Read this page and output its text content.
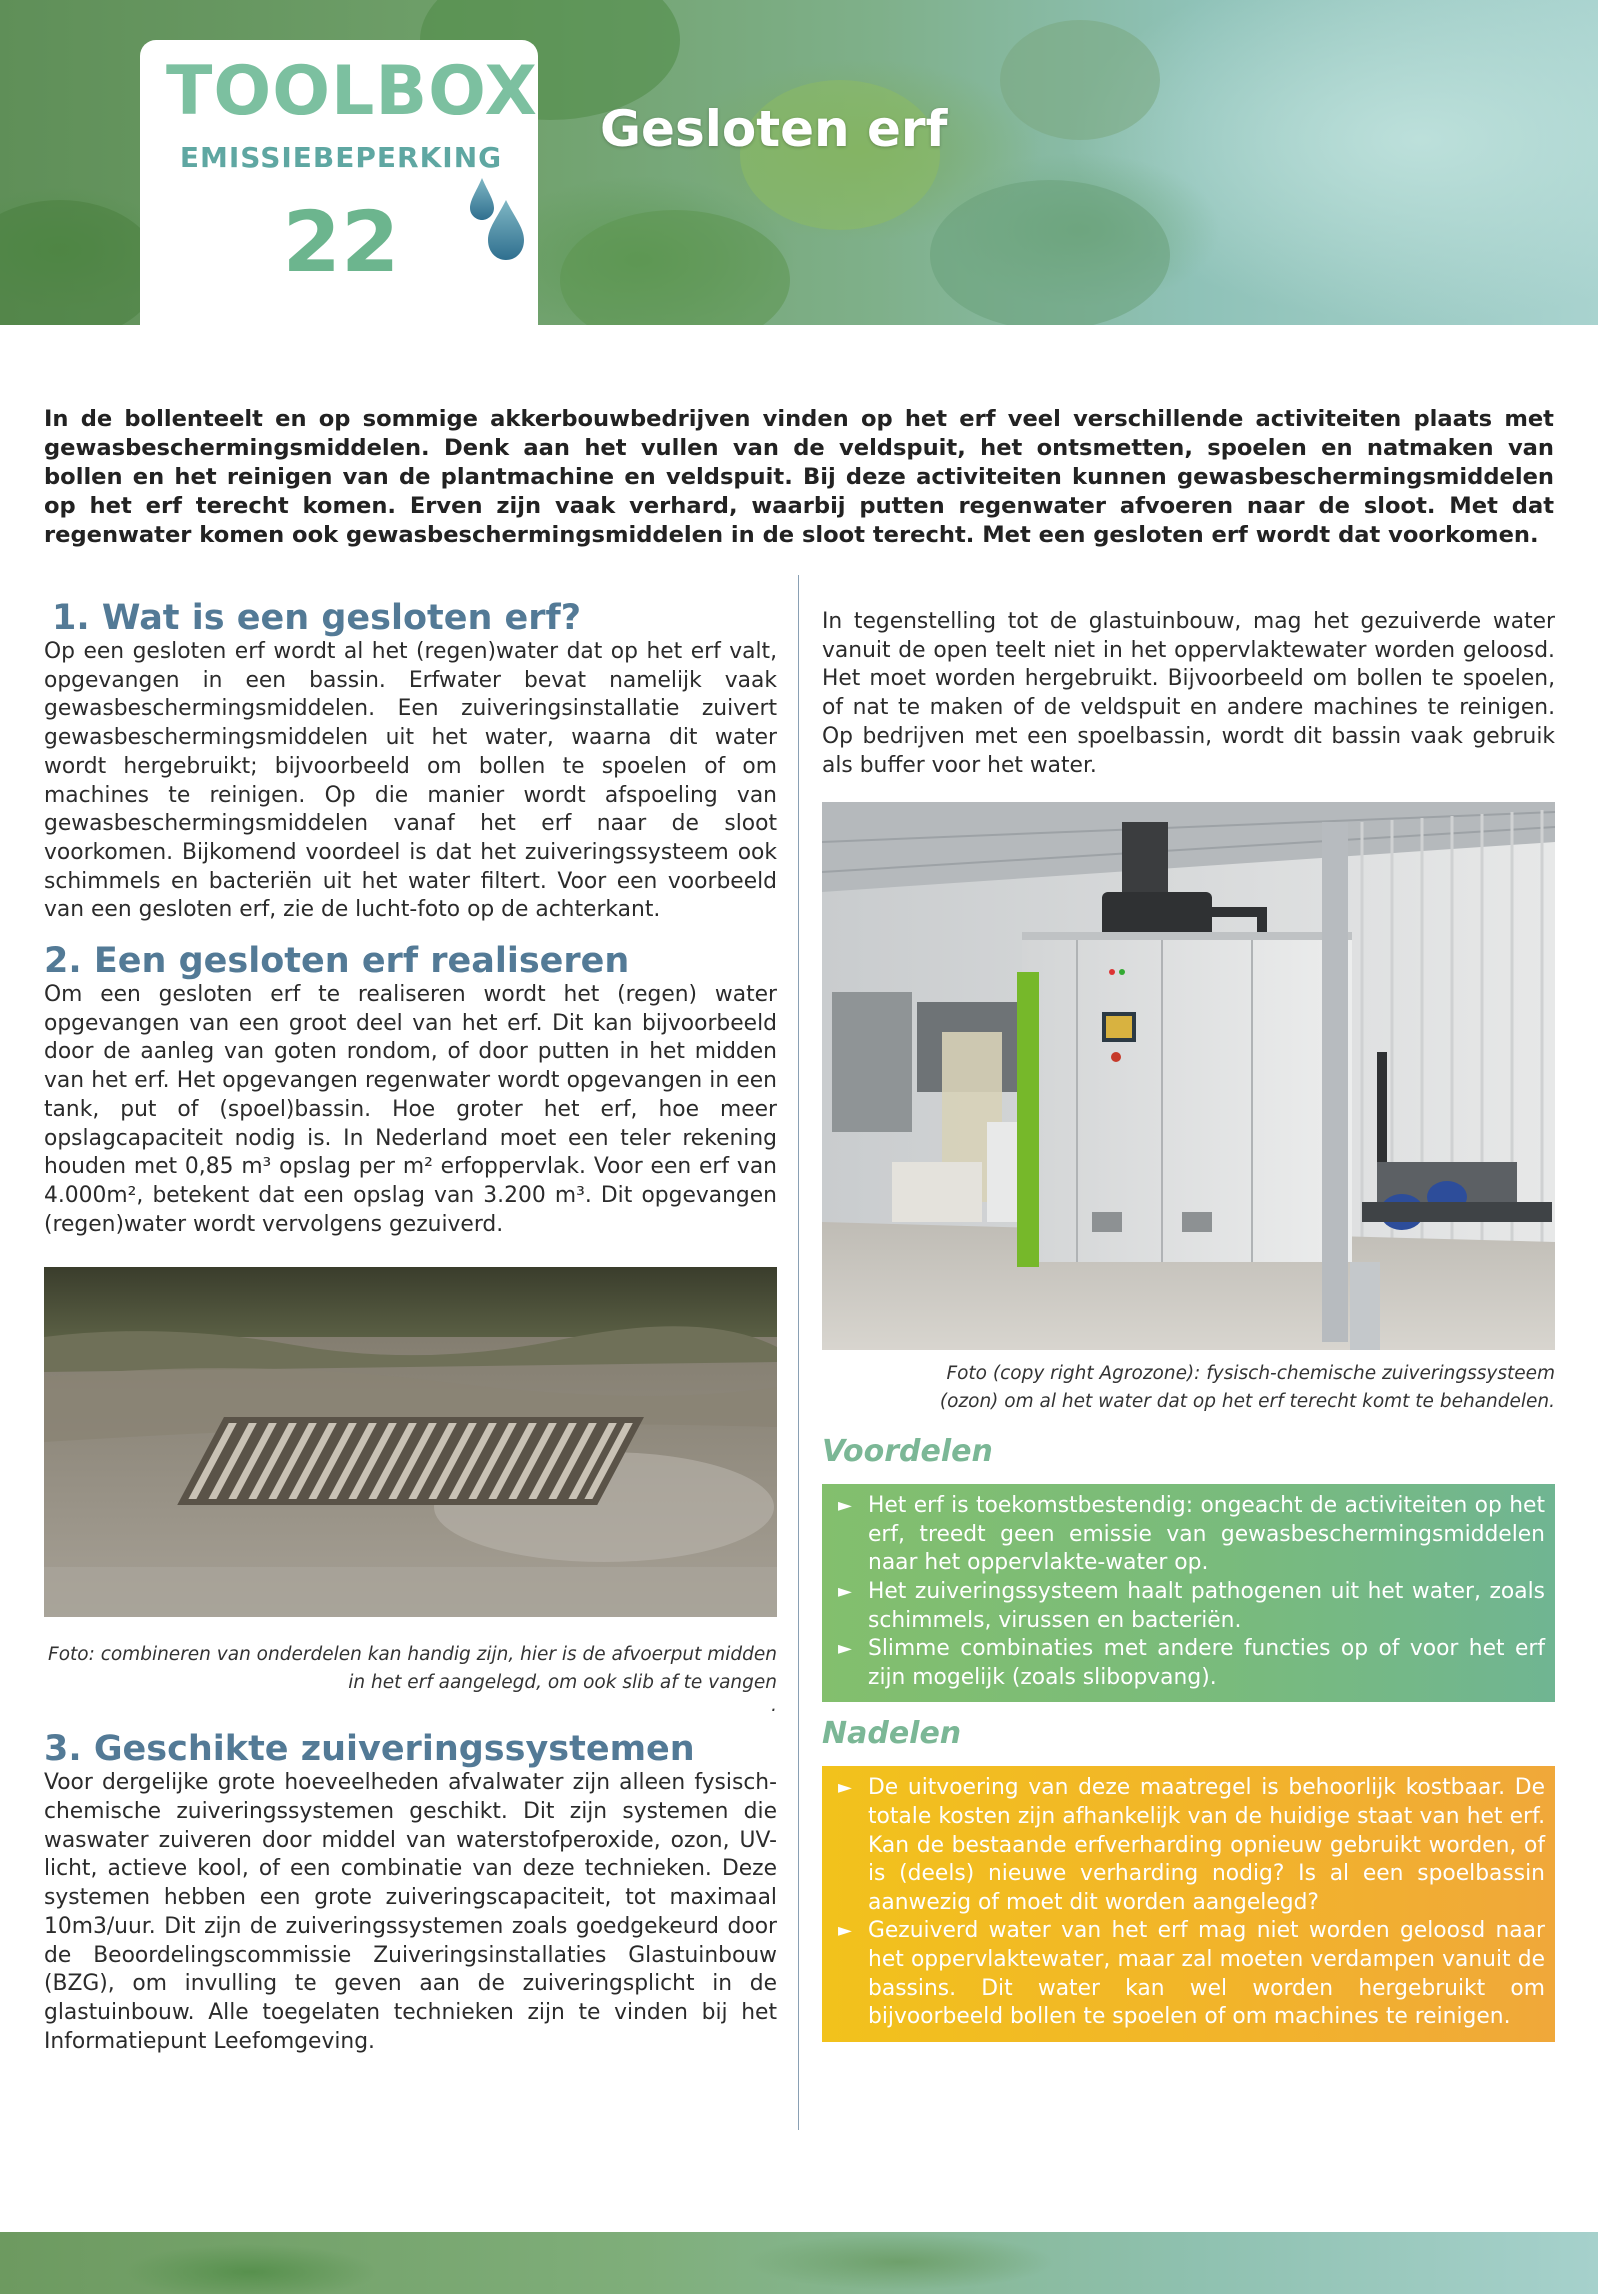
TOOLBOX
EMISSIEBEPERKING
22
Gesloten erf

In de bollenteelt en op sommige akkerbouwbedrijven vinden op het erf veel verschillende activiteiten plaats met gewasbeschermingsmiddelen. Denk aan het vullen van de veldspuit, het ontsmetten, spoelen en natmaken van bollen en het reinigen van de plantmachine en veldspuit. Bij deze activiteiten kunnen gewasbeschermingsmiddelen op het erf terecht komen. Erven zijn vaak verhard, waarbij putten regenwater afvoeren naar de sloot. Met dat regenwater komen ook gewasbeschermingsmiddelen in de sloot terecht. Met een gesloten erf wordt dat voorkomen.

1. Wat is een gesloten erf?

Op een gesloten erf wordt al het (regen)water dat op het erf valt, opgevangen in een bassin. Erfwater bevat namelijk vaak gewasbeschermingsmiddelen. Een zuiveringsinstallatie zuivert gewasbeschermingsmiddelen uit het water, waarna dit water wordt hergebruikt; bijvoorbeeld om bollen te spoelen of om machines te reinigen. Op die manier wordt afspoeling van gewasbeschermingsmiddelen vanaf het erf naar de sloot voorkomen. Bijkomend voordeel is dat het zuiveringssysteem ook schimmels en bacteriën uit het water filtert. Voor een voorbeeld van een gesloten erf, zie de lucht-foto op de achterkant.

2. Een gesloten erf realiseren

Om een gesloten erf te realiseren wordt het (regen) water opgevangen van een groot deel van het erf. Dit kan bijvoorbeeld door de aanleg van goten rondom, of door putten in het midden van het erf. Het opgevangen regenwater wordt opgevangen in een tank, put of (spoel)bassin. Hoe groter het erf, hoe meer opslagcapaciteit nodig is. In Nederland moet een teler rekening houden met 0,85 m³ opslag per m² erfoppervlak. Voor een erf van 4.000m², betekent dat een opslag van 3.200 m³. Dit opgevangen (regen)water wordt vervolgens gezuiverd.

Foto: combineren van onderdelen kan handig zijn, hier is de afvoerput midden in het erf aangelegd, om ook slib af te vangen
.
3. Geschikte zuiveringssystemen

Voor dergelijke grote hoeveelheden afvalwater zijn alleen fysisch-chemische zuiveringssystemen geschikt. Dit zijn systemen die waswater zuiveren door middel van waterstofperoxide, ozon, UV-licht, actieve kool, of een combinatie van deze technieken. Deze systemen hebben een grote zuiveringscapaciteit, tot maximaal 10m3/uur. Dit zijn de zuiveringssystemen zoals goedgekeurd door de Beoordelingscommissie Zuiveringsinstallaties Glastuinbouw (BZG), om invulling te geven aan de zuiveringsplicht in de glastuinbouw. Alle toegelaten technieken zijn te vinden bij het Informatiepunt Leefomgeving.

In tegenstelling tot de glastuinbouw, mag het gezuiverde water vanuit de open teelt niet in het oppervlaktewater worden geloosd. Het moet worden hergebruikt. Bijvoorbeeld om bollen te spoelen, of nat te maken of de veldspuit en andere machines te reinigen. Op bedrijven met een spoelbassin, wordt dit bassin vaak gebruik als buffer voor het water.

Foto (copy right Agrozone): fysisch-chemische zuiveringssysteem
(ozon) om al het water dat op het erf terecht komt te behandelen.
Voordelen
► Het erf is toekomstbestendig: ongeacht de activiteiten op het erf, treedt geen emissie van gewasbeschermingsmiddelen naar het oppervlakte-water op.
► Het zuiveringssysteem haalt pathogenen uit het water, zoals schimmels, virussen en bacteriën.
► Slimme combinaties met andere functies op of voor het erf zijn mogelijk (zoals slibopvang).
Nadelen
► De uitvoering van deze maatregel is behoorlijk kostbaar. De totale kosten zijn afhankelijk van de huidige staat van het erf. Kan de bestaande erfverharding opnieuw gebruikt worden, of is (deels) nieuwe verharding nodig? Is al een spoelbassin aanwezig of moet dit worden aangelegd?
► Gezuiverd water van het erf mag niet worden geloosd naar het oppervlaktewater, maar zal moeten verdampen vanuit de bassins. Dit water kan wel worden hergebruikt om bijvoorbeeld bollen te spoelen of om machines te reinigen.
